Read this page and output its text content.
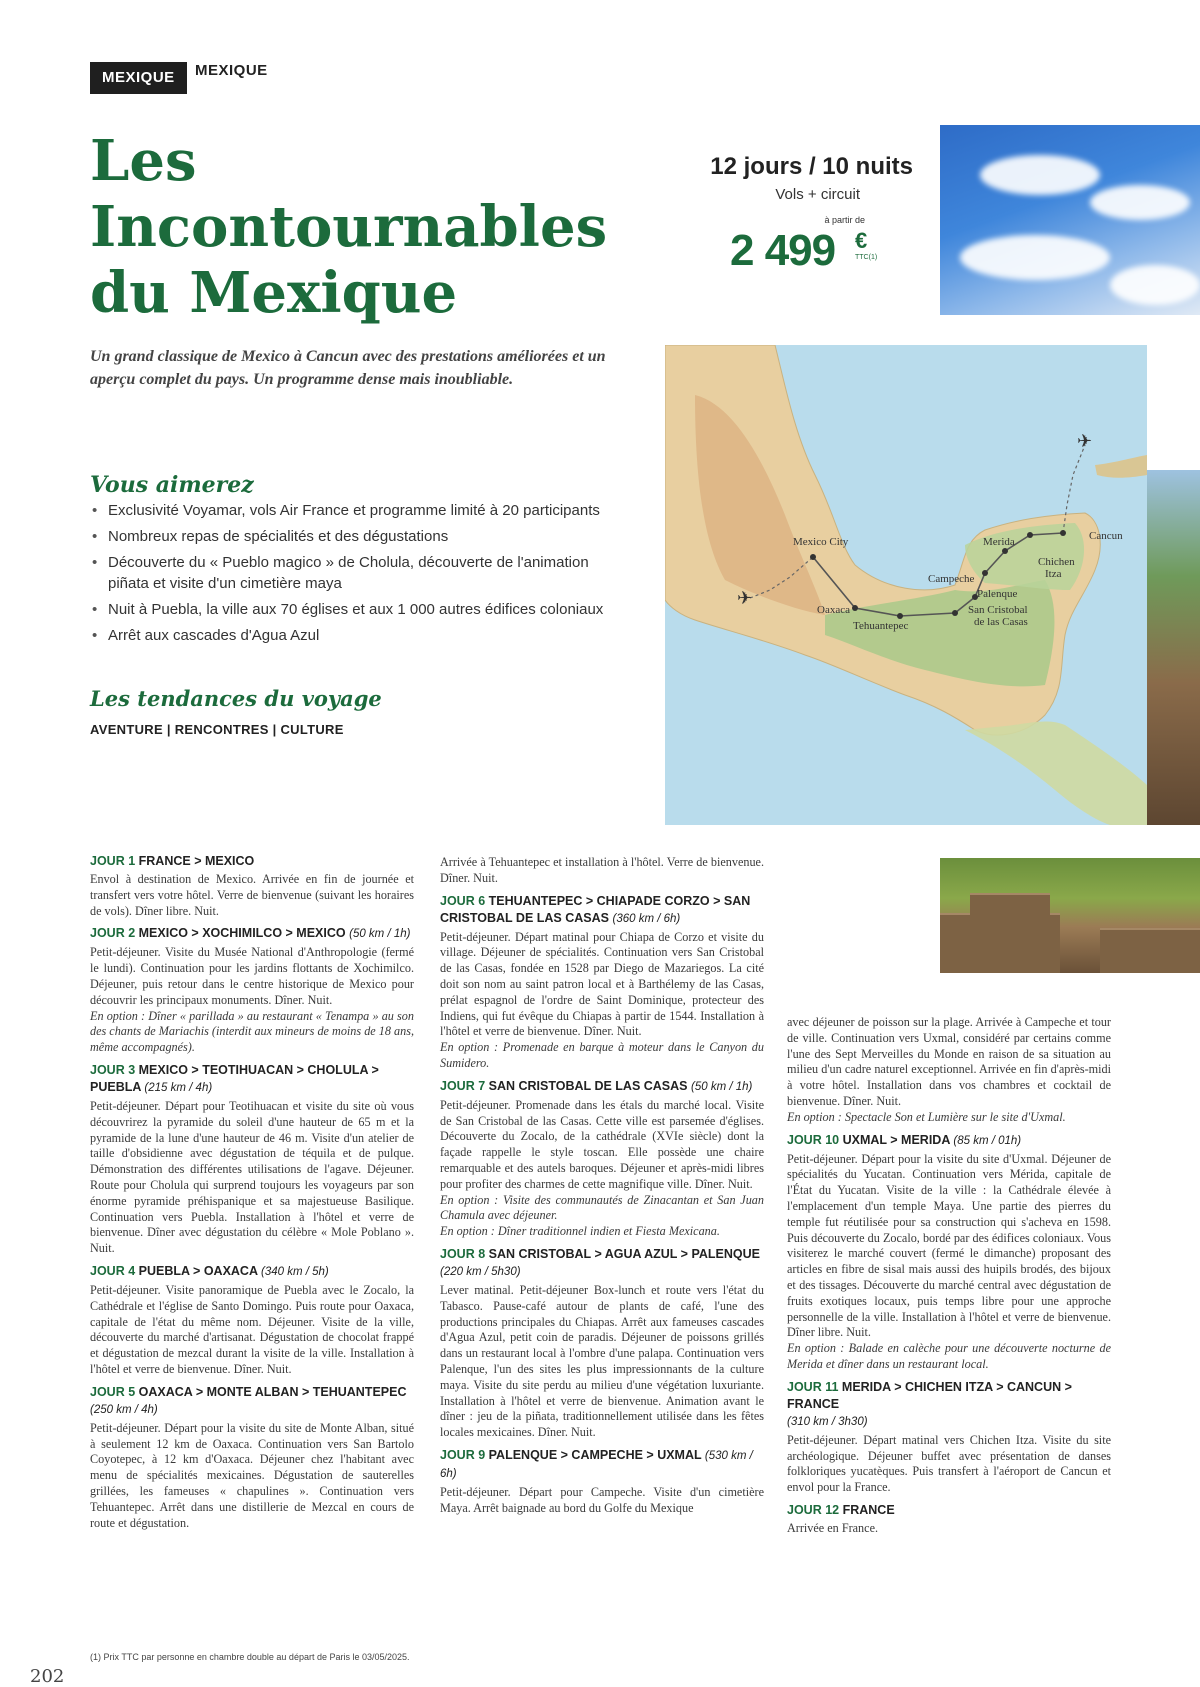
MEXIQUE	MEXIQUE
Les Incontournables
du Mexique
12 jours / 10 nuits
Vols + circuit
à partir de
2 499 €
TTC(1)

Un grand classique de Mexico à Cancun avec des prestations améliorées et un aperçu complet du pays. Un programme dense mais inoubliable.

Vous aimerez
• Exclusivité Voyamar, vols Air France et programme limité à 20 participants
• Nombreux repas de spécialités et des dégustations
• Découverte du « Pueblo magico » de Cholula, découverte de l'animation piñata et visite d'un cimetière maya
• Nuit à Puebla, la ville aux 70 églises et aux 1 000 autres édifices coloniaux
• Arrêt aux cascades d'Agua Azul
Les tendances du voyage
AVENTURE | RENCONTRES | CULTURE
✈
✈
Mexico City
Oaxaca
Tehuantepec
Palenque
San Cristobal
de las Casas
Campeche
Merida
Chichen
Itza
Cancun
JOUR 1 FRANCE > MEXICO

Envol à destination de Mexico. Arrivée en fin de journée et transfert vers votre hôtel. Verre de bienvenue (suivant les horaires de vols). Dîner libre. Nuit.

JOUR 2 MEXICO > XOCHIMILCO > MEXICO (50 km / 1h)

Petit-déjeuner. Visite du Musée National d'Anthropologie (fermé le lundi). Continuation pour les jardins flottants de Xochimilco. Déjeuner, puis retour dans le centre historique de Mexico pour découvrir les principaux monuments. Dîner. Nuit.

En option : Dîner « parillada » au restaurant « Tenampa » au son des chants de Mariachis (interdit aux mineurs de moins de 18 ans, même accompagnés).

JOUR 3 MEXICO > TEOTIHUACAN > CHOLULA > PUEBLA (215 km / 4h)

Petit-déjeuner. Départ pour Teotihuacan et visite du site où vous découvrirez la pyramide du soleil d'une hauteur de 65 m et la pyramide de la lune d'une hauteur de 46 m. Visite d'un atelier de taille d'obsidienne avec dégustation de téquila et de pulque. Démonstration des différentes utilisations de l'agave. Déjeuner. Route pour Cholula qui surprend toujours les voyageurs par son énorme pyramide préhispanique et sa majestueuse Basilique. Continuation vers Puebla. Installation à l'hôtel et verre de bienvenue. Dîner avec dégustation du célèbre « Mole Poblano ». Nuit.

JOUR 4 PUEBLA > OAXACA (340 km / 5h)

Petit-déjeuner. Visite panoramique de Puebla avec le Zocalo, la Cathédrale et l'église de Santo Domingo. Puis route pour Oaxaca, capitale de l'état du même nom. Déjeuner. Visite de la ville, découverte du marché d'artisanat. Dégustation de chocolat frappé et dégustation de mezcal durant la visite de la ville. Installation à l'hôtel et verre de bienvenue. Dîner. Nuit.

JOUR 5 OAXACA > MONTE ALBAN > TEHUANTEPEC
(250 km / 4h)

Petit-déjeuner. Départ pour la visite du site de Monte Alban, situé à seulement 12 km de Oaxaca. Continuation vers San Bartolo Coyotepec, à 12 km d'Oaxaca. Déjeuner chez l'habitant avec menu de spécialités mexicaines. Dégustation de sauterelles grillées, les fameuses « chapulines ». Continuation vers Tehuantepec. Arrêt dans une distillerie de Mezcal en cours de route et dégustation.

Arrivée à Tehuantepec et installation à l'hôtel. Verre de bienvenue. Dîner. Nuit.

JOUR 6 TEHUANTEPEC > CHIAPADE CORZO > SAN CRISTOBAL DE LAS CASAS (360 km / 6h)

Petit-déjeuner. Départ matinal pour Chiapa de Corzo et visite du village. Déjeuner de spécialités. Continuation vers San Cristobal de las Casas, fondée en 1528 par Diego de Mazariegos. La cité doit son nom au saint patron local et à Barthélemy de las Casas, prélat espagnol de l'ordre de Saint Dominique, protecteur des Indiens, qui fut évêque du Chiapas à partir de 1544. Installation à l'hôtel et verre de bienvenue. Dîner. Nuit.

En option : Promenade en barque à moteur dans le Canyon du Sumidero.

JOUR 7 SAN CRISTOBAL DE LAS CASAS (50 km / 1h)

Petit-déjeuner. Promenade dans les étals du marché local. Visite de San Cristobal de las Casas. Cette ville est parsemée d'églises. Découverte du Zocalo, de la cathédrale (XVIe siècle) dont la façade rappelle le style toscan. Elle possède une chaire remarquable et des autels baroques. Déjeuner et après-midi libres pour profiter des charmes de cette magnifique ville. Dîner. Nuit.

En option : Visite des communautés de Zinacantan et San Juan Chamula avec déjeuner.

En option : Dîner traditionnel indien et Fiesta Mexicana.

JOUR 8 SAN CRISTOBAL > AGUA AZUL > PALENQUE
(220 km / 5h30)

Lever matinal. Petit-déjeuner Box-lunch et route vers l'état du Tabasco. Pause-café autour de plants de café, l'une des productions principales du Chiapas. Arrêt aux fameuses cascades d'Agua Azul, petit coin de paradis. Déjeuner de poissons grillés dans un restaurant local à l'ombre d'une palapa. Continuation vers Palenque, l'un des sites les plus impressionnants de la culture maya. Visite du site perdu au milieu d'une végétation luxuriante. Installation à l'hôtel et verre de bienvenue. Animation avant le dîner : jeu de la piñata, traditionnellement utilisée dans les fêtes locales mexicaines. Dîner. Nuit.

JOUR 9 PALENQUE > CAMPECHE > UXMAL (530 km / 6h)

Petit-déjeuner. Départ pour Campeche. Visite d'un cimetière Maya. Arrêt baignade au bord du Golfe du Mexique

avec déjeuner de poisson sur la plage. Arrivée à Campeche et tour de ville. Continuation vers Uxmal, considéré par certains comme l'une des Sept Merveilles du Monde en raison de sa situation au milieu d'un cadre naturel exceptionnel. Arrivée en fin d'après-midi à votre hôtel. Installation dans vos chambres et cocktail de bienvenue. Dîner. Nuit.

En option : Spectacle Son et Lumière sur le site d'Uxmal.

JOUR 10 UXMAL > MERIDA (85 km / 01h)

Petit-déjeuner. Départ pour la visite du site d'Uxmal. Déjeuner de spécialités du Yucatan. Continuation vers Mérida, capitale de l'État du Yucatan. Visite de la ville : la Cathédrale élevée à l'emplacement d'un temple Maya. Une partie des pierres du temple fut réutilisée pour sa construction qui s'acheva en 1598. Puis découverte du Zocalo, bordé par des édifices coloniaux. Vous visiterez le marché couvert (fermé le dimanche) proposant des articles en fibre de sisal mais aussi des huipils brodés, des bijoux et des tissages. Découverte du marché central avec dégustation de fruits exotiques locaux, puis temps libre pour une approche personnelle de la ville. Installation à l'hôtel et verre de bienvenue. Dîner libre. Nuit.

En option : Balade en calèche pour une découverte nocturne de Merida et dîner dans un restaurant local.

JOUR 11 MERIDA > CHICHEN ITZA > CANCUN > FRANCE
(310 km / 3h30)

Petit-déjeuner. Départ matinal vers Chichen Itza. Visite du site archéologique. Déjeuner buffet avec présentation de danses folkloriques yucatèques. Puis transfert à l'aéroport de Cancun et envol pour la France.

JOUR 12 FRANCE

Arrivée en France.

(1) Prix TTC par personne en chambre double au départ de Paris le 03/05/2025.
202
